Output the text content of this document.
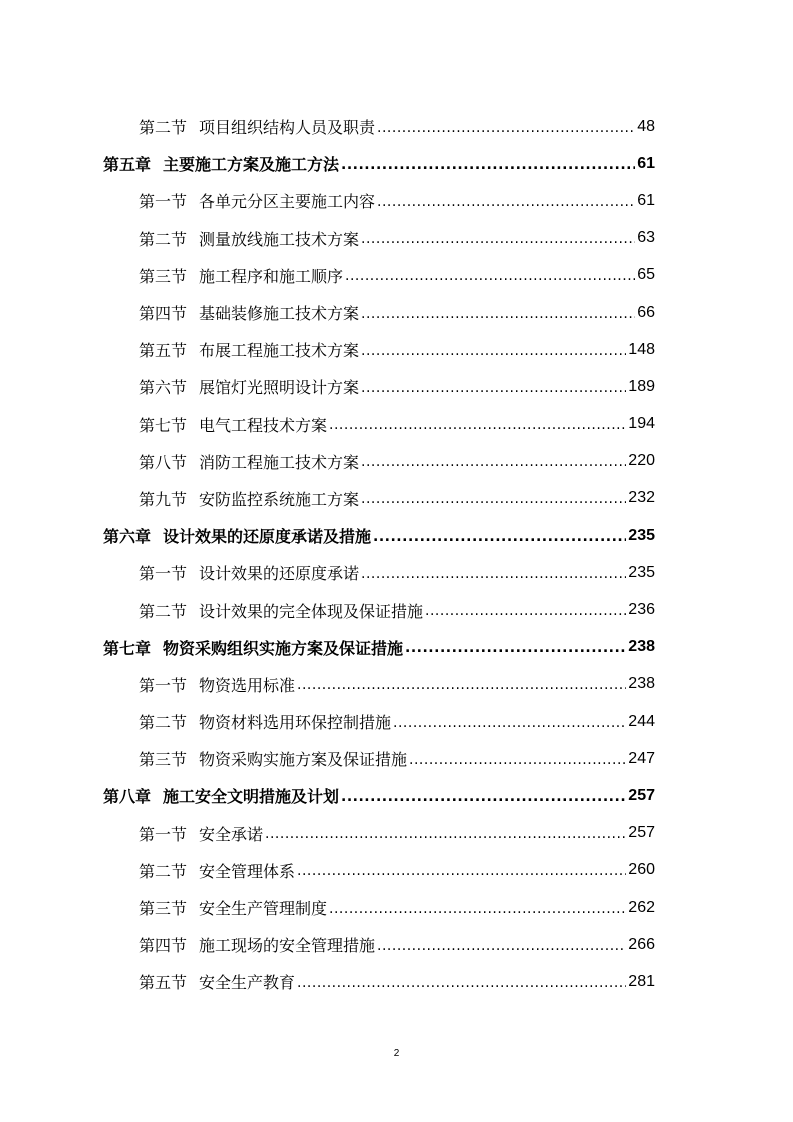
第二节 项目组织结构人员及职责 .....	48
第五章 主要施工方案及施工方法 .....	61
第一节 各单元分区主要施工内容 .....	61
第二节 测量放线施工技术方案 .....	63
第三节 施工程序和施工顺序 .....	65
第四节 基础装修施工技术方案 .....	66
第五节 布展工程施工技术方案 .....	148
第六节 展馆灯光照明设计方案 .....	189
第七节 电气工程技术方案 .....	194
第八节 消防工程施工技术方案 .....	220
第九节 安防监控系统施工方案 .....	232
第六章 设计效果的还原度承诺及措施 .....	235
第一节 设计效果的还原度承诺 .....	235
第二节 设计效果的完全体现及保证措施 .....	236
第七章 物资采购组织实施方案及保证措施 .....	238
第一节 物资选用标准 .....	238
第二节 物资材料选用环保控制措施 .....	244
第三节 物资采购实施方案及保证措施 .....	247
第八章 施工安全文明措施及计划 .....	257
第一节 安全承诺 .....	257
第二节 安全管理体系 .....	260
第三节 安全生产管理制度 .....	262
第四节 施工现场的安全管理措施 .....	266
第五节 安全生产教育 .....	281
2
